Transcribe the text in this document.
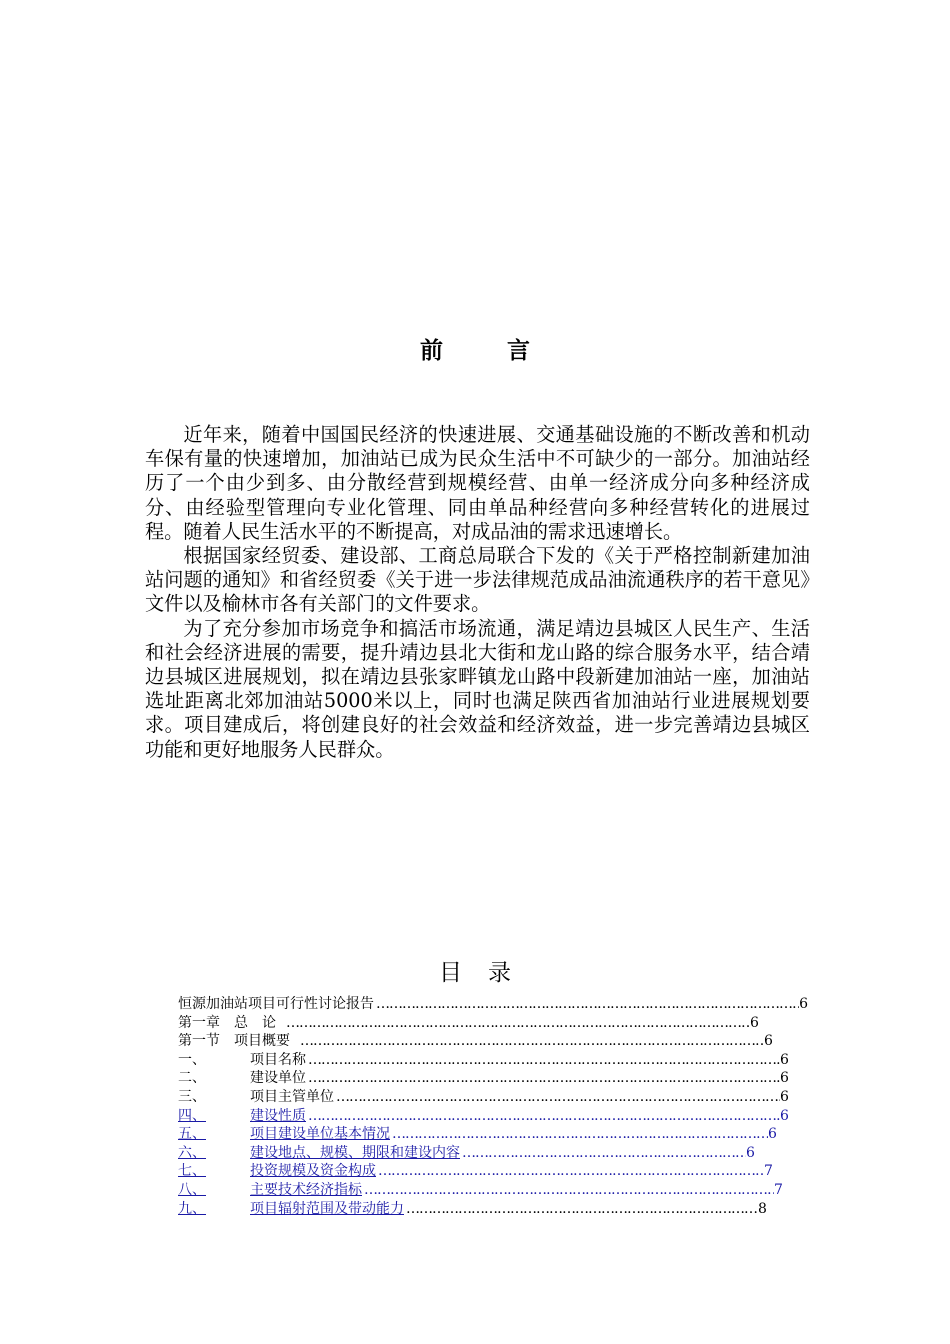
前言

近年来，随着中国国民经济的快速进展、交通基础设施的不断改善和机动车保有量的快速增加，加油站已成为民众生活中不可缺少的一部分。加油站经历了一个由少到多、由分散经营到规模经营、由单一经济成分向多种经济成分、由经验型管理向专业化管理、同由单品种经营向多种经营转化的进展过程。随着人民生活水平的不断提高，对成品油的需求迅速增长。

根据国家经贸委、建设部、工商总局联合下发的《关于严格控制新建加油站问题的通知》和省经贸委《关于进一步法律规范成品油流通秩序的若干意见》文件以及榆林市各有关部门的文件要求。

为了充分参加市场竞争和搞活市场流通，满足靖边县城区人民生产、生活和社会经济进展的需要，提升靖边县北大街和龙山路的综合服务水平，结合靖边县城区进展规划，拟在靖边县张家畔镇龙山路中段新建加油站一座，加油站选址距离北郊加油站5000米以上，同时也满足陕西省加油站行业进展规划要求。项目建成后，将创建良好的社会效益和经济效益，进一步完善靖边县城区功能和更好地服务人民群众。

目录
恒源加油站项目可行性讨论报告 …………………………………………………………………………………………………………………………………………………………………………………………………………	6
第一章　总　论 …………………………………………………………………………………………………………………………………………………………………………………………………………	6
第一节　项目概要 …………………………………………………………………………………………………………………………………………………………………………………………………………	6
一、	项目名称 …………………………………………………………………………………………………………………………………………………………………………………………………………	6
二、	建设单位 …………………………………………………………………………………………………………………………………………………………………………………………………………	6
三、	项目主管单位 …………………………………………………………………………………………………………………………………………………………………………………………………………	6
四、	建设性质 …………………………………………………………………………………………………………………………………………………………………………………………………………	6
五、	项目建设单位基本情况 …………………………………………………………………………………………………………………………………………………………………………………………………………	6
六、	建设地点、规模、期限和建设内容 …………………………………………………………………………………………………………………………………………………………………………………………………………	6
七、	投资规模及资金构成 …………………………………………………………………………………………………………………………………………………………………………………………………………	7
八、	主要技术经济指标 …………………………………………………………………………………………………………………………………………………………………………………………………………	7
九、	项目辐射范围及带动能力 …………………………………………………………………………………………………………………………………………………………………………………………………………	8
